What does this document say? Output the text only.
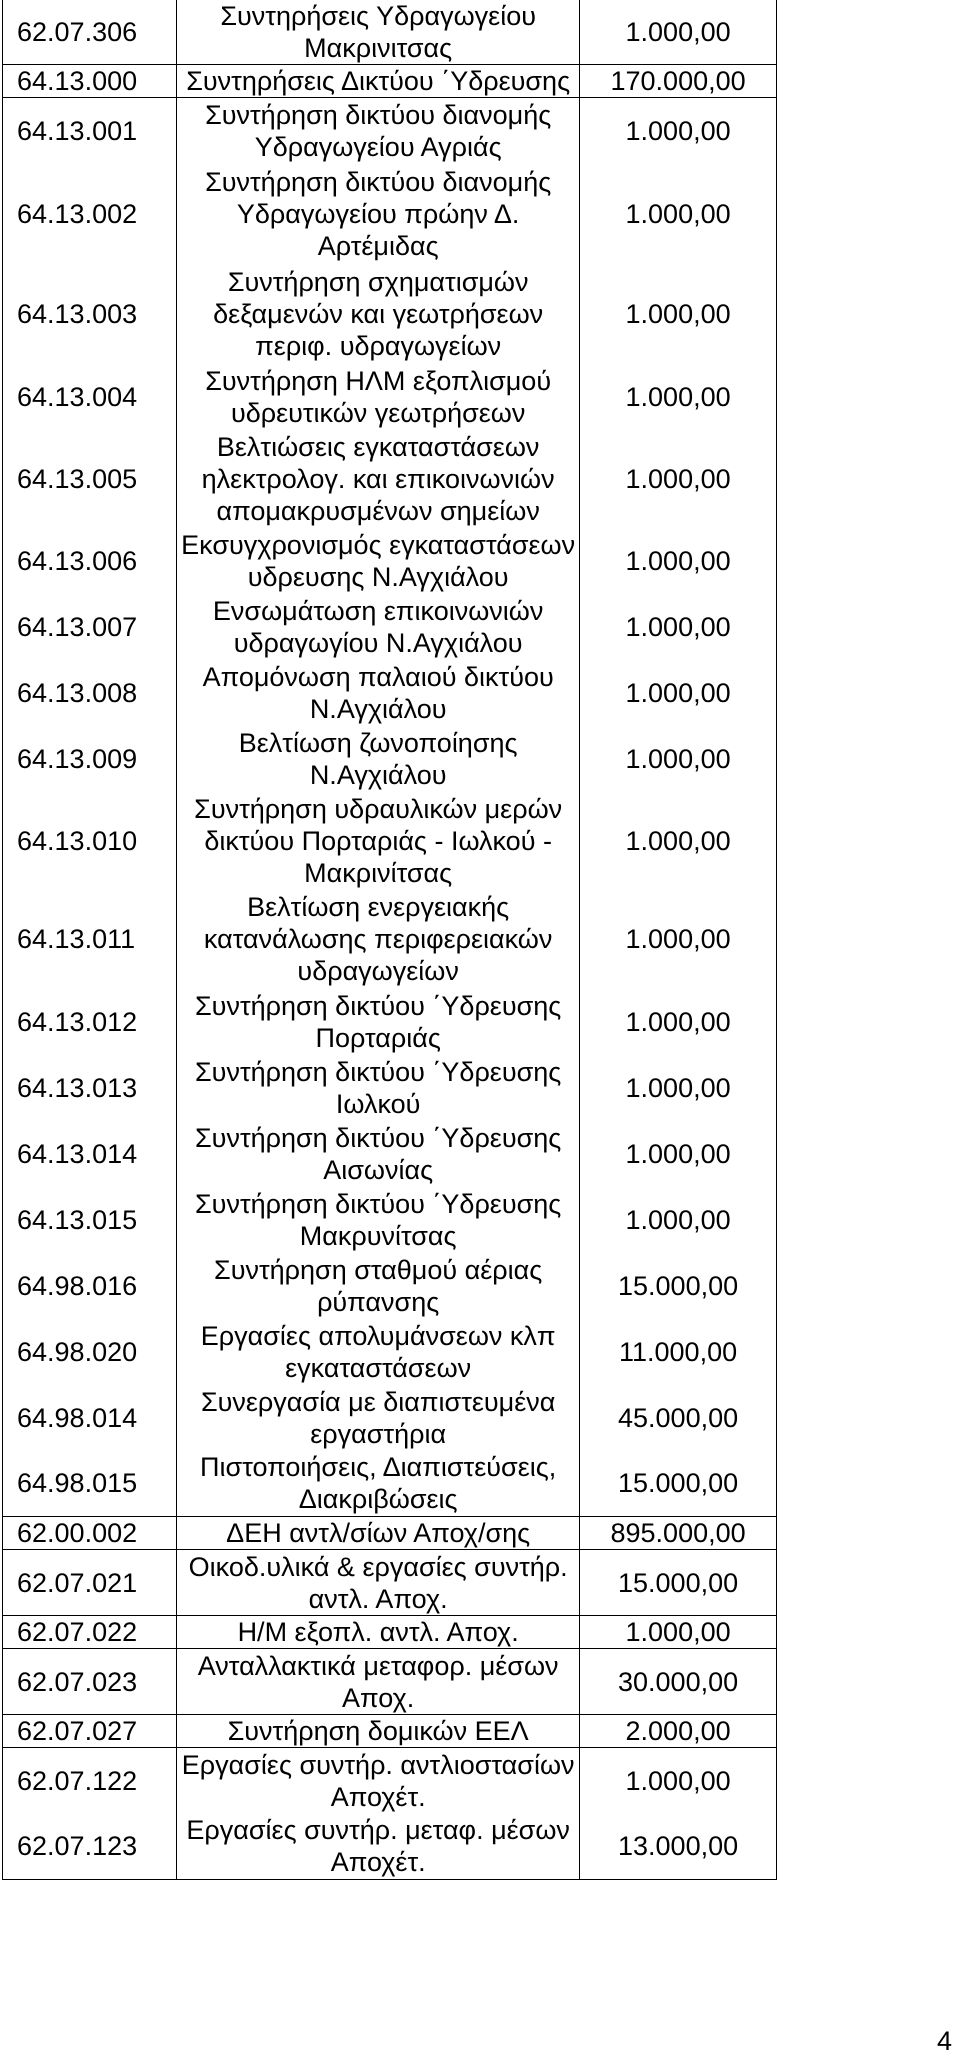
62.07.306	Συντηρήσεις Υδραγωγείου Μακρινιτσας	1.000,00
64.13.000	Συντηρήσεις Δικτύου ΄Υδρευσης	170.000,00
64.13.001	Συντήρηση δικτύου διανομής Υδραγωγείου Αγριάς	1.000,00
64.13.002	Συντήρηση δικτύου διανομής Υδραγωγείου πρώην Δ. Αρτέμιδας	1.000,00
64.13.003	Συντήρηση σχηματισμών δεξαμενών και γεωτρήσεων περιφ. υδραγωγείων	1.000,00
64.13.004	Συντήρηση ΗΛΜ εξοπλισμού υδρευτικών γεωτρήσεων	1.000,00
64.13.005	Βελτιώσεις εγκαταστάσεων ηλεκτρολογ. και επικοινωνιών απομακρυσμένων σημείων	1.000,00
64.13.006	Εκσυγχρονισμός εγκαταστάσεων υδρευσης Ν.Αγχιάλου	1.000,00
64.13.007	Ενσωμάτωση επικοινωνιών υδραγωγίου Ν.Αγχιάλου	1.000,00
64.13.008	Απομόνωση παλαιού δικτύου Ν.Αγχιάλου	1.000,00
64.13.009	Βελτίωση ζωνοποίησης Ν.Αγχιάλου	1.000,00
64.13.010	Συντήρηση υδραυλικών μερών δικτύου Πορταριάς - Ιωλκού - Μακρινίτσας	1.000,00
64.13.011	Βελτίωση ενεργειακής κατανάλωσης περιφερειακών υδραγωγείων	1.000,00
64.13.012	Συντήρηση δικτύου ΄Υδρευσης Πορταριάς	1.000,00
64.13.013	Συντήρηση δικτύου ΄Υδρευσης Ιωλκού	1.000,00
64.13.014	Συντήρηση δικτύου ΄Υδρευσης Αισωνίας	1.000,00
64.13.015	Συντήρηση δικτύου ΄Υδρευσης Μακρυνίτσας	1.000,00
64.98.016	Συντήρηση σταθμού αέριας ρύπανσης	15.000,00
64.98.020	Εργασίες απολυμάνσεων κλπ εγκαταστάσεων	11.000,00
64.98.014	Συνεργασία με διαπιστευμένα εργαστήρια	45.000,00
64.98.015	Πιστοποιήσεις, Διαπιστεύσεις, Διακριβώσεις	15.000,00
62.00.002	ΔΕΗ αντλ/σίων Αποχ/σης	895.000,00
62.07.021	Οικοδ.υλικά & εργασίες συντήρ. αντλ. Αποχ.	15.000,00
62.07.022	Η/Μ εξοπλ. αντλ. Αποχ.	1.000,00
62.07.023	Ανταλλακτικά μεταφορ. μέσων Αποχ.	30.000,00
62.07.027	Συντήρηση δομικών ΕΕΛ	2.000,00
62.07.122	Εργασίες συντήρ. αντλιοστασίων Αποχέτ.	1.000,00
62.07.123	Εργασίες συντήρ. μεταφ. μέσων Αποχέτ.	13.000,00
4
